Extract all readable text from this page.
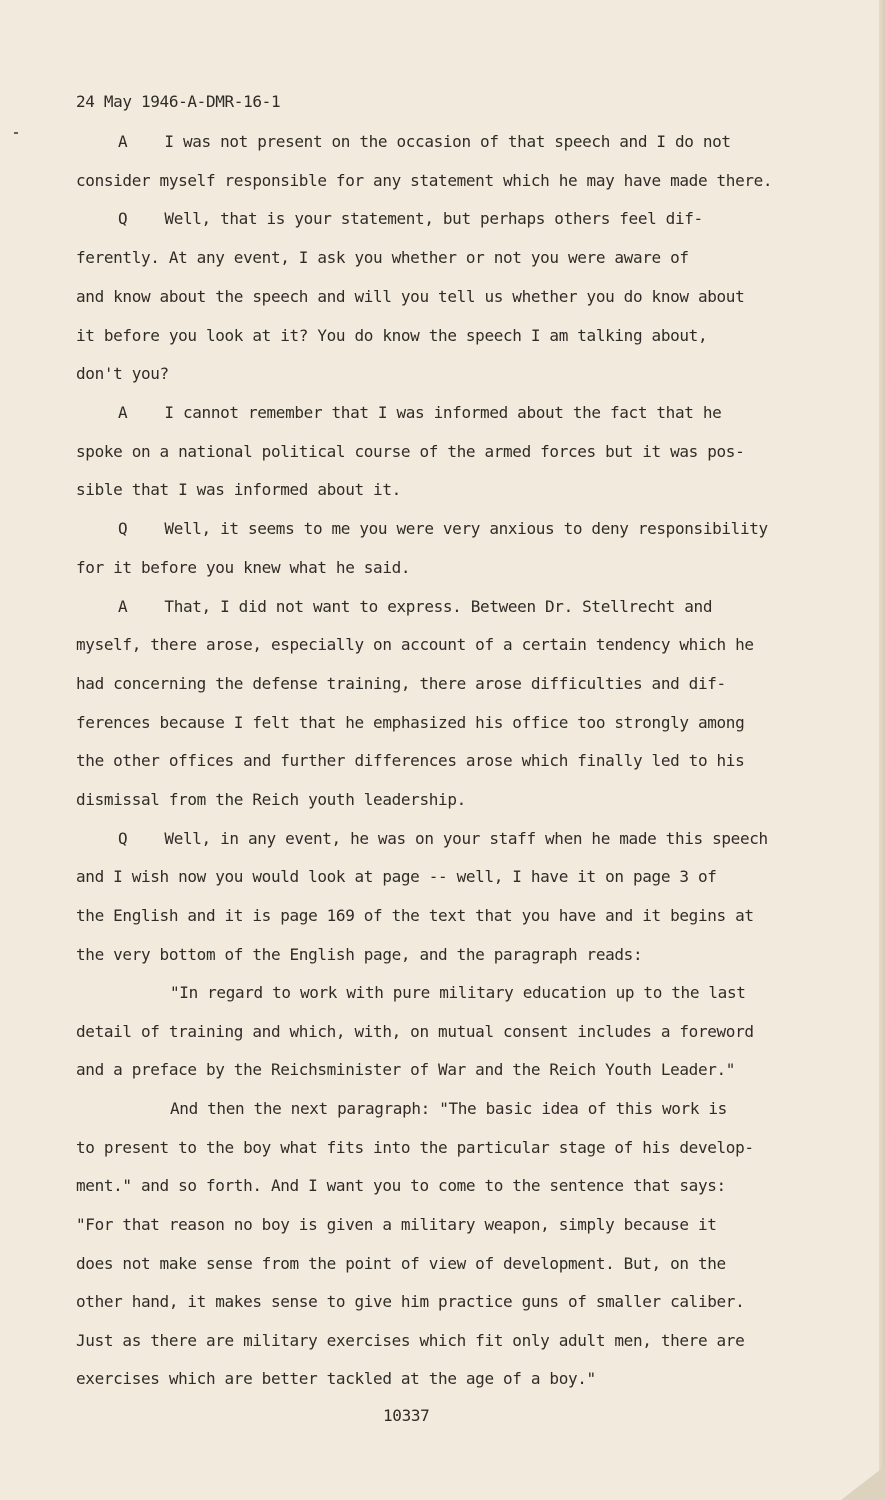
24 May 1946-A-DMR-16-1
A    I was not present on the occasion of that speech and I do not
consider myself responsible for any statement which he may have made there.
Q    Well, that is your statement, but perhaps others feel dif-
ferently. At any event, I ask you whether or not you were aware of
and know about the speech and will you tell us whether you do know about
it before you look at it? You do know the speech I am talking about,
don't you?
A    I cannot remember that I was informed about the fact that he
spoke on a national political course of the armed forces but it was pos-
sible that I was informed about it.
Q    Well, it seems to me you were very anxious to deny responsibility
for it before you knew what he said.
A    That, I did not want to express. Between Dr. Stellrecht and
myself, there arose, especially on account of a certain tendency which he
had concerning the defense training, there arose difficulties and dif-
ferences because I felt that he emphasized his office too strongly among
the other offices and further differences arose which finally led to his
dismissal from the Reich youth leadership.
Q    Well, in any event, he was on your staff when he made this speech
and I wish now you would look at page -- well, I have it on page 3 of
the English and it is page 169 of the text that you have and it begins at
the very bottom of the English page, and the paragraph reads:
"In regard to work with pure military education up to the last
detail of training and which, with, on mutual consent includes a foreword
and a preface by the Reichsminister of War and the Reich Youth Leader."
And then the next paragraph: "The basic idea of this work is
to present to the boy what fits into the particular stage of his develop-
ment." and so forth. And I want you to come to the sentence that says:
"For that reason no boy is given a military weapon, simply because it
does not make sense from the point of view of development. But, on the
other hand, it makes sense to give him practice guns of smaller caliber.
Just as there are military exercises which fit only adult men, there are
exercises which are better tackled at the age of a boy."
10337
